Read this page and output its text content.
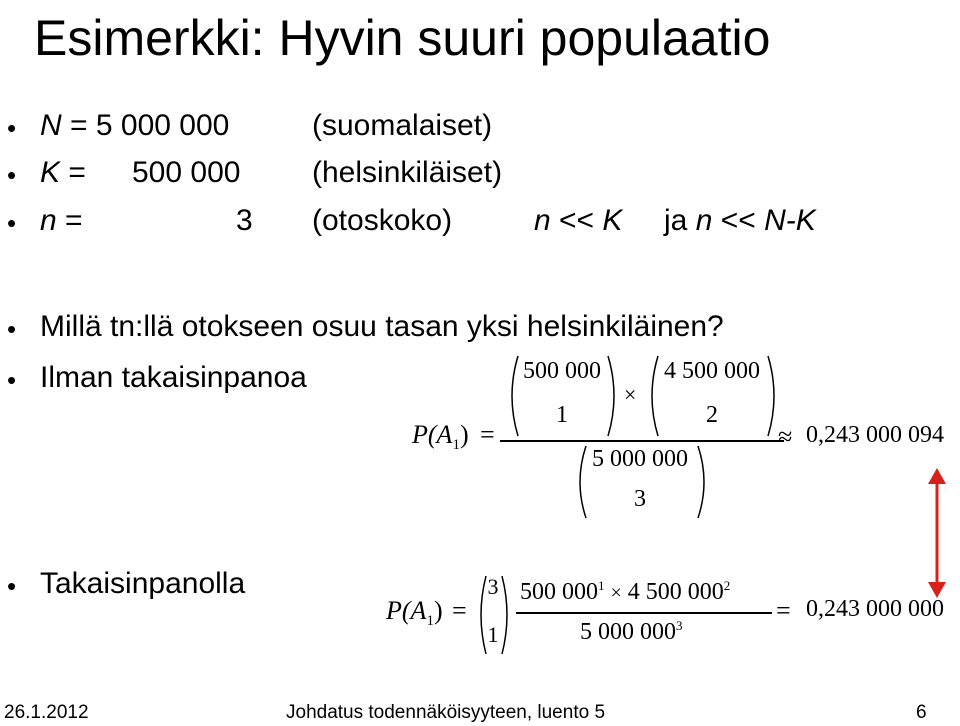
Esimerkki: Hyvin suuri populaatio
• N = 5 000 000	(suomalaiset)
• K = 500 000 (helsinkiläiset)
• n =	3 (otoskoko)	n << K ja n << N-K
• Millä tn:llä otokseen osuu tasan yksi helsinkiläinen?
• Ilman takaisinpanoa
$P(A_1)$ =
500 000
1
×
4 500 000
2
5 000 000
3
≈ 0,243 000 094
• Takaisinpanolla
$P(A_1)$ =
3
1
500 $000^1 \times 4$ 500 $000^2$
5 000 $000^3$
= 0,243 000 000
26.1.2012	Johdatus todennäköisyyteen, luento 5	6
